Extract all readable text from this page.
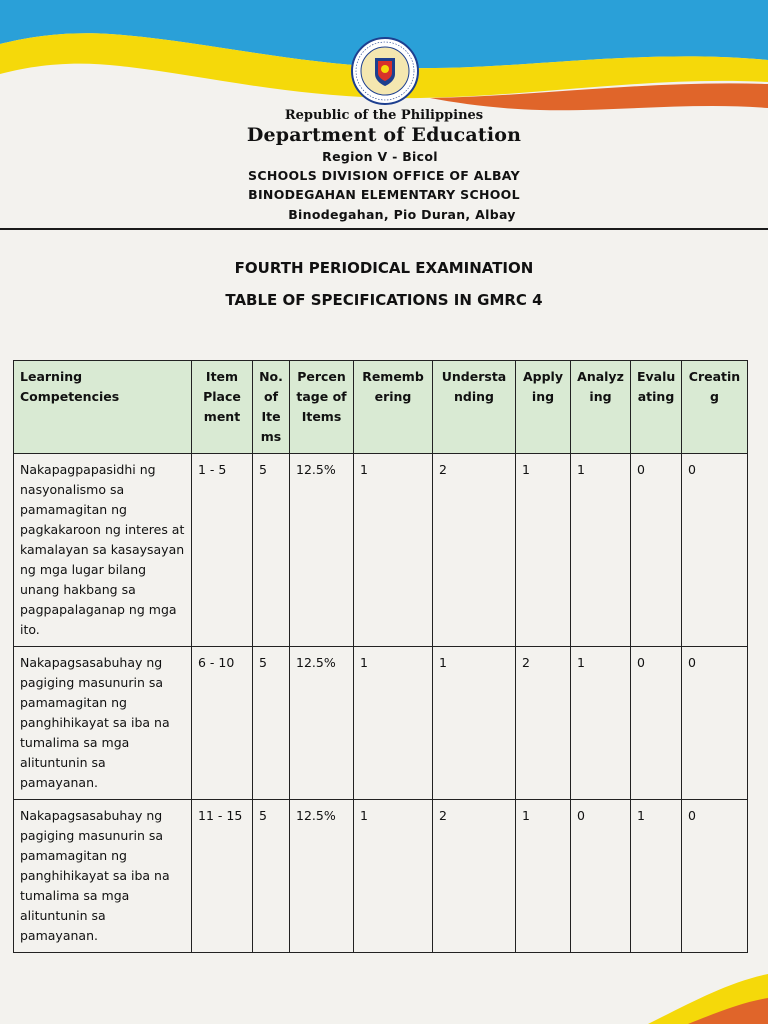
Republic of the Philippines
Department of Education
Region V - Bicol
SCHOOLS DIVISION OFFICE OF ALBAY
BINODEGAHAN ELEMENTARY SCHOOL
Binodegahan, Pio Duran, Albay
FOURTH PERIODICAL EXAMINATION
TABLE OF SPECIFICATIONS IN GMRC 4
Learning Competencies	Item Place ment	No. of Ite ms	Percen tage of Items	Rememb ering	Understa nding	Apply ing	Analyz ing	Evalu ating	Creatin g
Nakapagpapasidhi ng nasyonalismo sa pamamagitan ng pagkakaroon ng interes at kamalayan sa kasaysayan ng mga lugar bilang unang hakbang sa pagpapalaganap ng mga ito.	1 - 5	5	12.5%	1	2	1	1	0	0
Nakapagsasabuhay ng pagiging masunurin sa pamamagitan ng panghihikayat sa iba na tumalima sa mga alituntunin sa pamayanan.	6 - 10	5	12.5%	1	1	2	1	0	0
Nakapagsasabuhay ng pagiging masunurin sa pamamagitan ng panghihikayat sa iba na tumalima sa mga alituntunin sa pamayanan.	11 - 15	5	12.5%	1	2	1	0	1	0
